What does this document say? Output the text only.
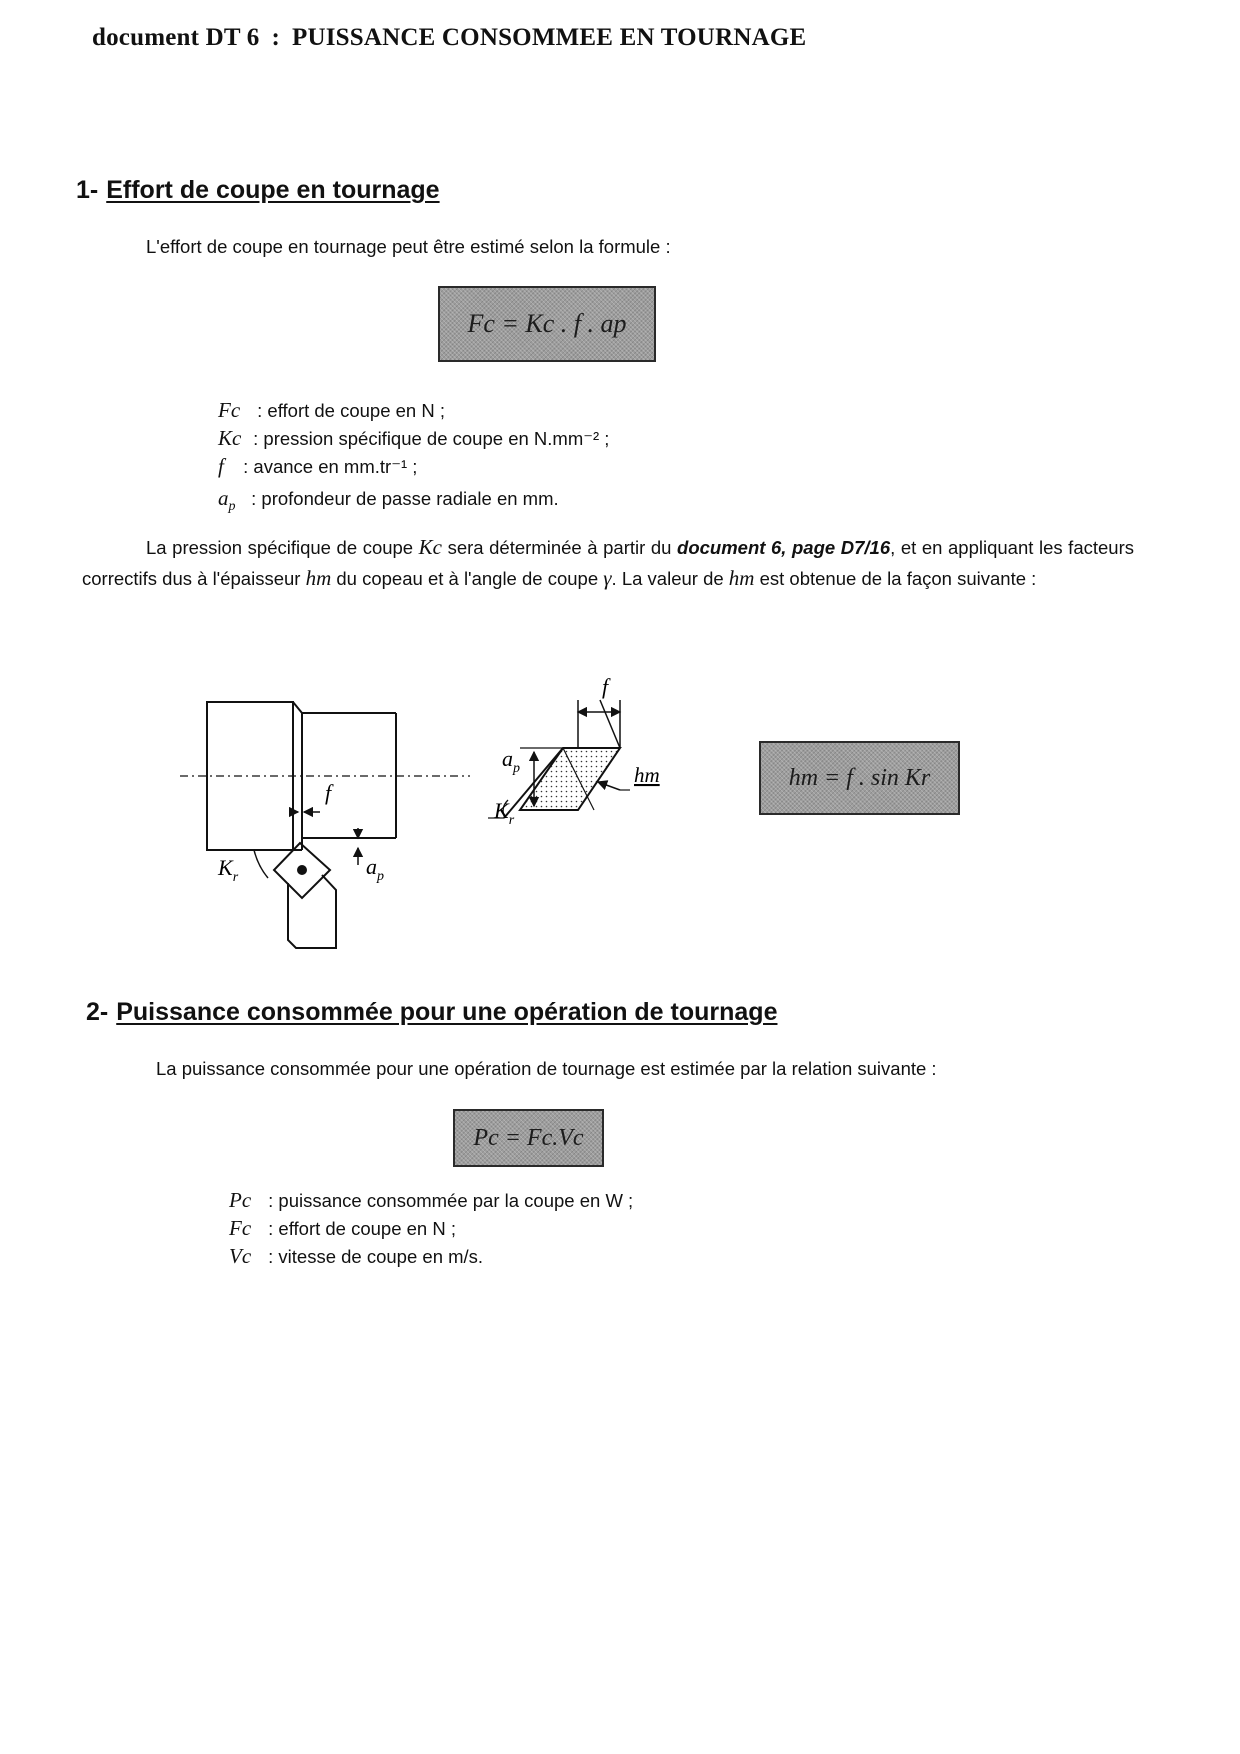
document DT 6 : PUISSANCE CONSOMMEE EN TOURNAGE
1- Effort de coupe en tournage
L'effort de coupe en tournage peut être estimé selon la formule :
Fc = Kc . f . ap
Fc : effort de coupe en N ;
Kc : pression spécifique de coupe en N.mm⁻² ;
f : avance en mm.tr⁻¹ ;
$a_p$ : profondeur de passe radiale en mm.
La pression spécifique de coupe Kc sera déterminée à partir du document 6, page D7/16, et en appliquant les facteurs correctifs dus à l'épaisseur hm du copeau et à l'angle de coupe γ. La valeur de hm est obtenue de la façon suivante :
f
$K_r$	$a_p$
f
$a_p$
$K_r$
hm	hm = f . sin Kr
2- Puissance consommée pour une opération de tournage
La puissance consommée pour une opération de tournage est estimée par la relation suivante :
Pc = Fc.Vc
Pc : puissance consommée par la coupe en W ;
Fc : effort de coupe en N ;
Vc : vitesse de coupe en m/s.
